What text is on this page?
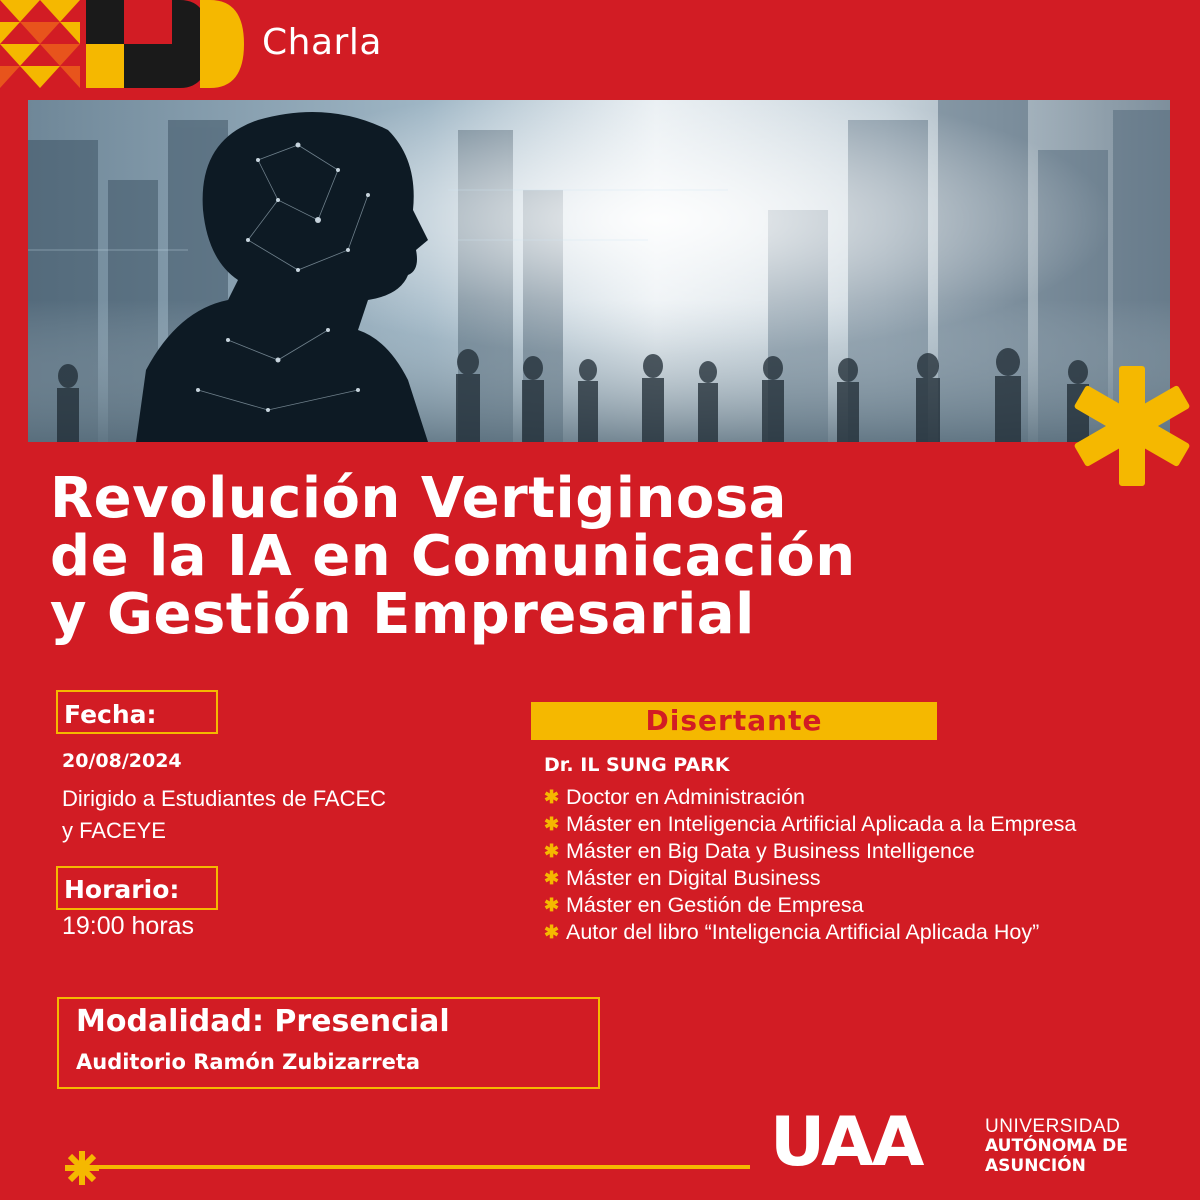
Charla
Revolución Vertiginosa
de la IA en Comunicación
y Gestión Empresarial
Fecha:
20/08/2024
Dirigido a Estudiantes de FACEC
y FACEYE
Horario:
19:00 horas
Disertante
Dr. IL SUNG PARK
✱ Doctor en Administración
✱ Máster en Inteligencia Artificial Aplicada a la Empresa
✱ Máster en Big Data y Business Intelligence
✱ Máster en Digital Business
✱ Máster en Gestión de Empresa
✱ Autor del libro “Inteligencia Artificial Aplicada Hoy”
Modalidad: Presencial
Auditorio Ramón Zubizarreta
UAA	UNIVERSIDAD
AUTÓNOMA DE
ASUNCIÓN
